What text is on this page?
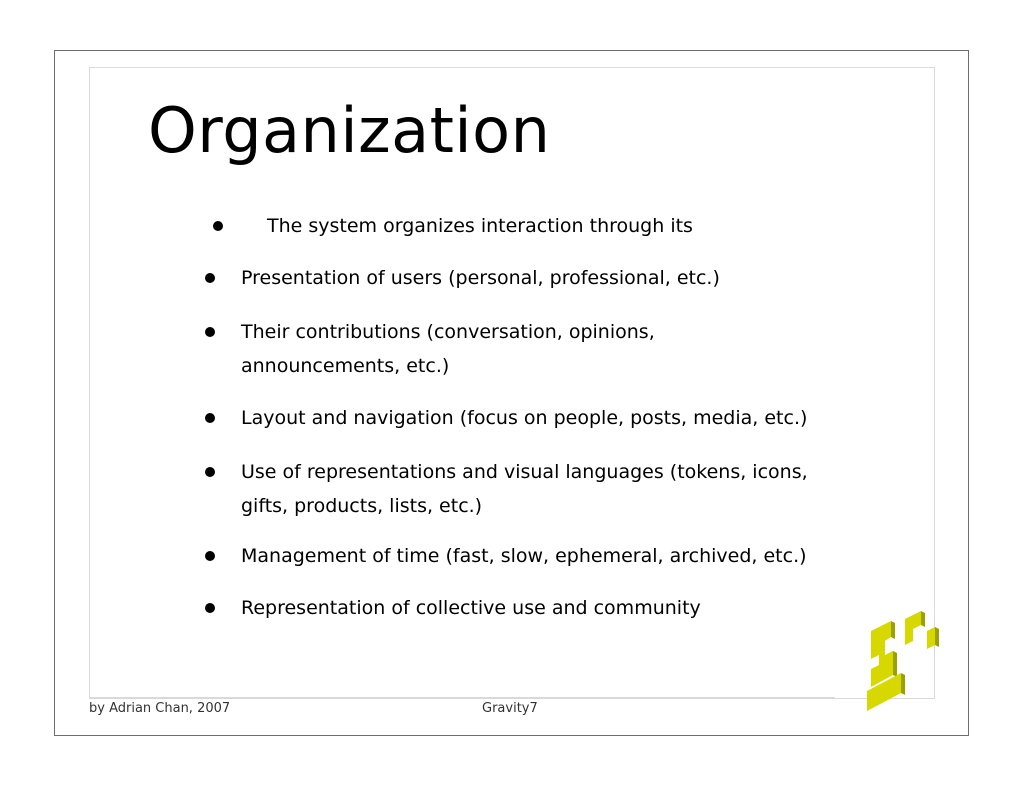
Organization
The system organizes interaction through its
Presentation of users (personal, professional, etc.)
Their contributions (conversation, opinions,
announcements, etc.)
Layout and navigation (focus on people, posts, media, etc.)
Use of representations and visual languages (tokens, icons,
gifts, products, lists, etc.)
Management of time (fast, slow, ephemeral, archived, etc.)
Representation of collective use and community
by Adrian Chan, 2007	Gravity7
